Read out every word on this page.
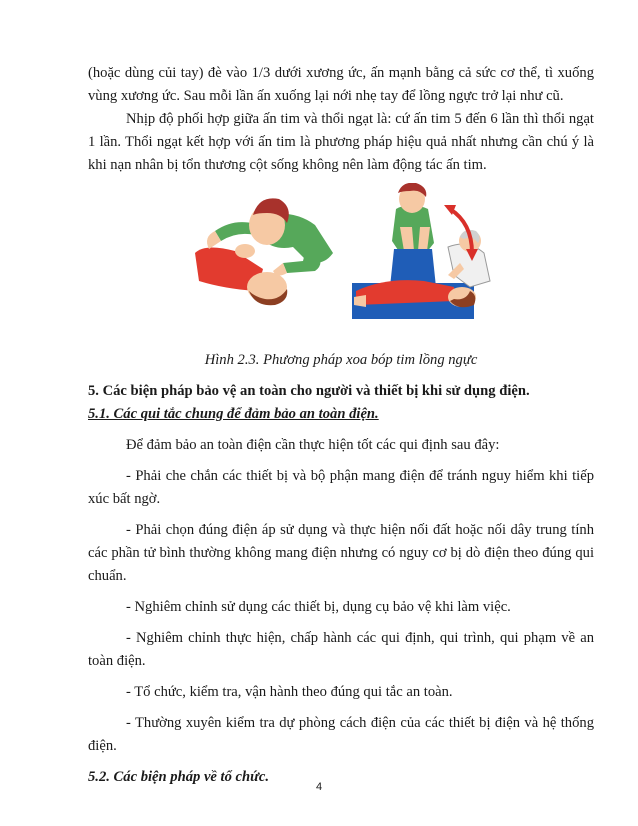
(hoặc dùng củi tay) đè vào 1/3 dưới xương ức, ấn mạnh bằng cả sức cơ thể, tì xuống vùng xương ức. Sau mỗi lần ấn xuống lại nới nhẹ tay để lồng ngực trở lại như cũ.

Nhịp độ phối hợp giữa ấn tim và thổi ngạt là: cứ ấn tim 5 đến 6 lần thì thổi ngạt 1 lần. Thổi ngạt kết hợp với ấn tim là phương pháp hiệu quả nhất nhưng cần chú ý là khi nạn nhân bị tổn thương cột sống không nên làm động tác ấn tim.

Hình 2.3. Phương pháp xoa bóp tim lồng ngực

5. Các biện pháp bảo vệ an toàn cho người và thiết bị khi sử dụng điện.

5.1. Các qui tắc chung để đảm bảo an toàn điện.

Để đảm bảo an toàn điện cần thực hiện tốt các qui định sau đây:

- Phải che chắn các thiết bị và bộ phận mang điện để tránh nguy hiểm khi tiếp xúc bất ngờ.

- Phải chọn đúng điện áp sử dụng và thực hiện nối đất hoặc nối dây trung tính các phần tử bình thường không mang điện nhưng có nguy cơ bị dò điện theo đúng qui chuẩn.

- Nghiêm chỉnh sử dụng các thiết bị, dụng cụ bảo vệ khi làm việc.

- Nghiêm chỉnh thực hiện, chấp hành các qui định, qui trình, qui phạm về an toàn điện.

- Tổ chức, kiểm tra, vận hành theo đúng qui tắc an toàn.

- Thường xuyên kiểm tra dự phòng cách điện của các thiết bị điện và hệ thống điện.

5.2. Các biện pháp về tổ chức.

4
